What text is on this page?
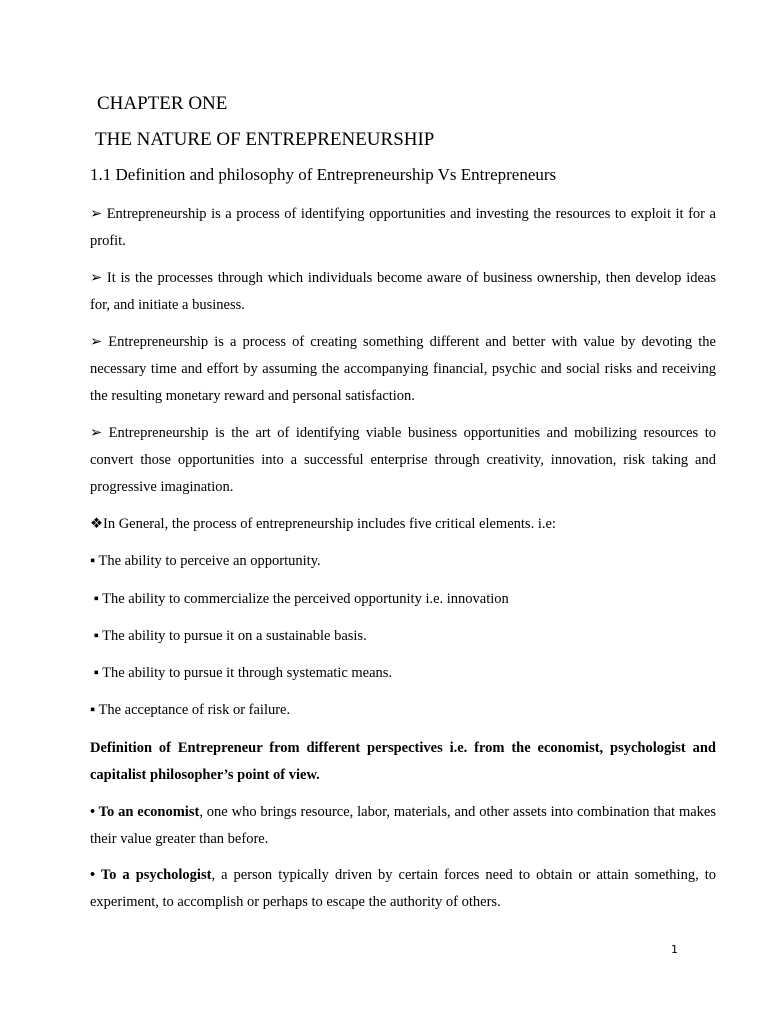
CHAPTER ONE
THE NATURE OF ENTREPRENEURSHIP
1.1 Definition and philosophy of Entrepreneurship Vs Entrepreneurs

➢ Entrepreneurship is a process of identifying opportunities and investing the resources to exploit it for a profit.

➢ It is the processes through which individuals become aware of business ownership, then develop ideas for, and initiate a business.

➢ Entrepreneurship is a process of creating something different and better with value by devoting the necessary time and effort by assuming the accompanying financial, psychic and social risks and receiving the resulting monetary reward and personal satisfaction.

➢ Entrepreneurship is the art of identifying viable business opportunities and mobilizing resources to convert those opportunities into a successful enterprise through creativity, innovation, risk taking and progressive imagination.

❖In General, the process of entrepreneurship includes five critical elements. i.e:

▪ The ability to perceive an opportunity.

▪ The ability to commercialize the perceived opportunity i.e. innovation

▪ The ability to pursue it on a sustainable basis.

▪ The ability to pursue it through systematic means.

▪ The acceptance of risk or failure.

Definition of Entrepreneur from different perspectives i.e. from the economist, psychologist and capitalist philosopher’s point of view.

• To an economist, one who brings resource, labor, materials, and other assets into combination that makes their value greater than before.

• To a psychologist, a person typically driven by certain forces need to obtain or attain something, to experiment, to accomplish or perhaps to escape the authority of others.

1
